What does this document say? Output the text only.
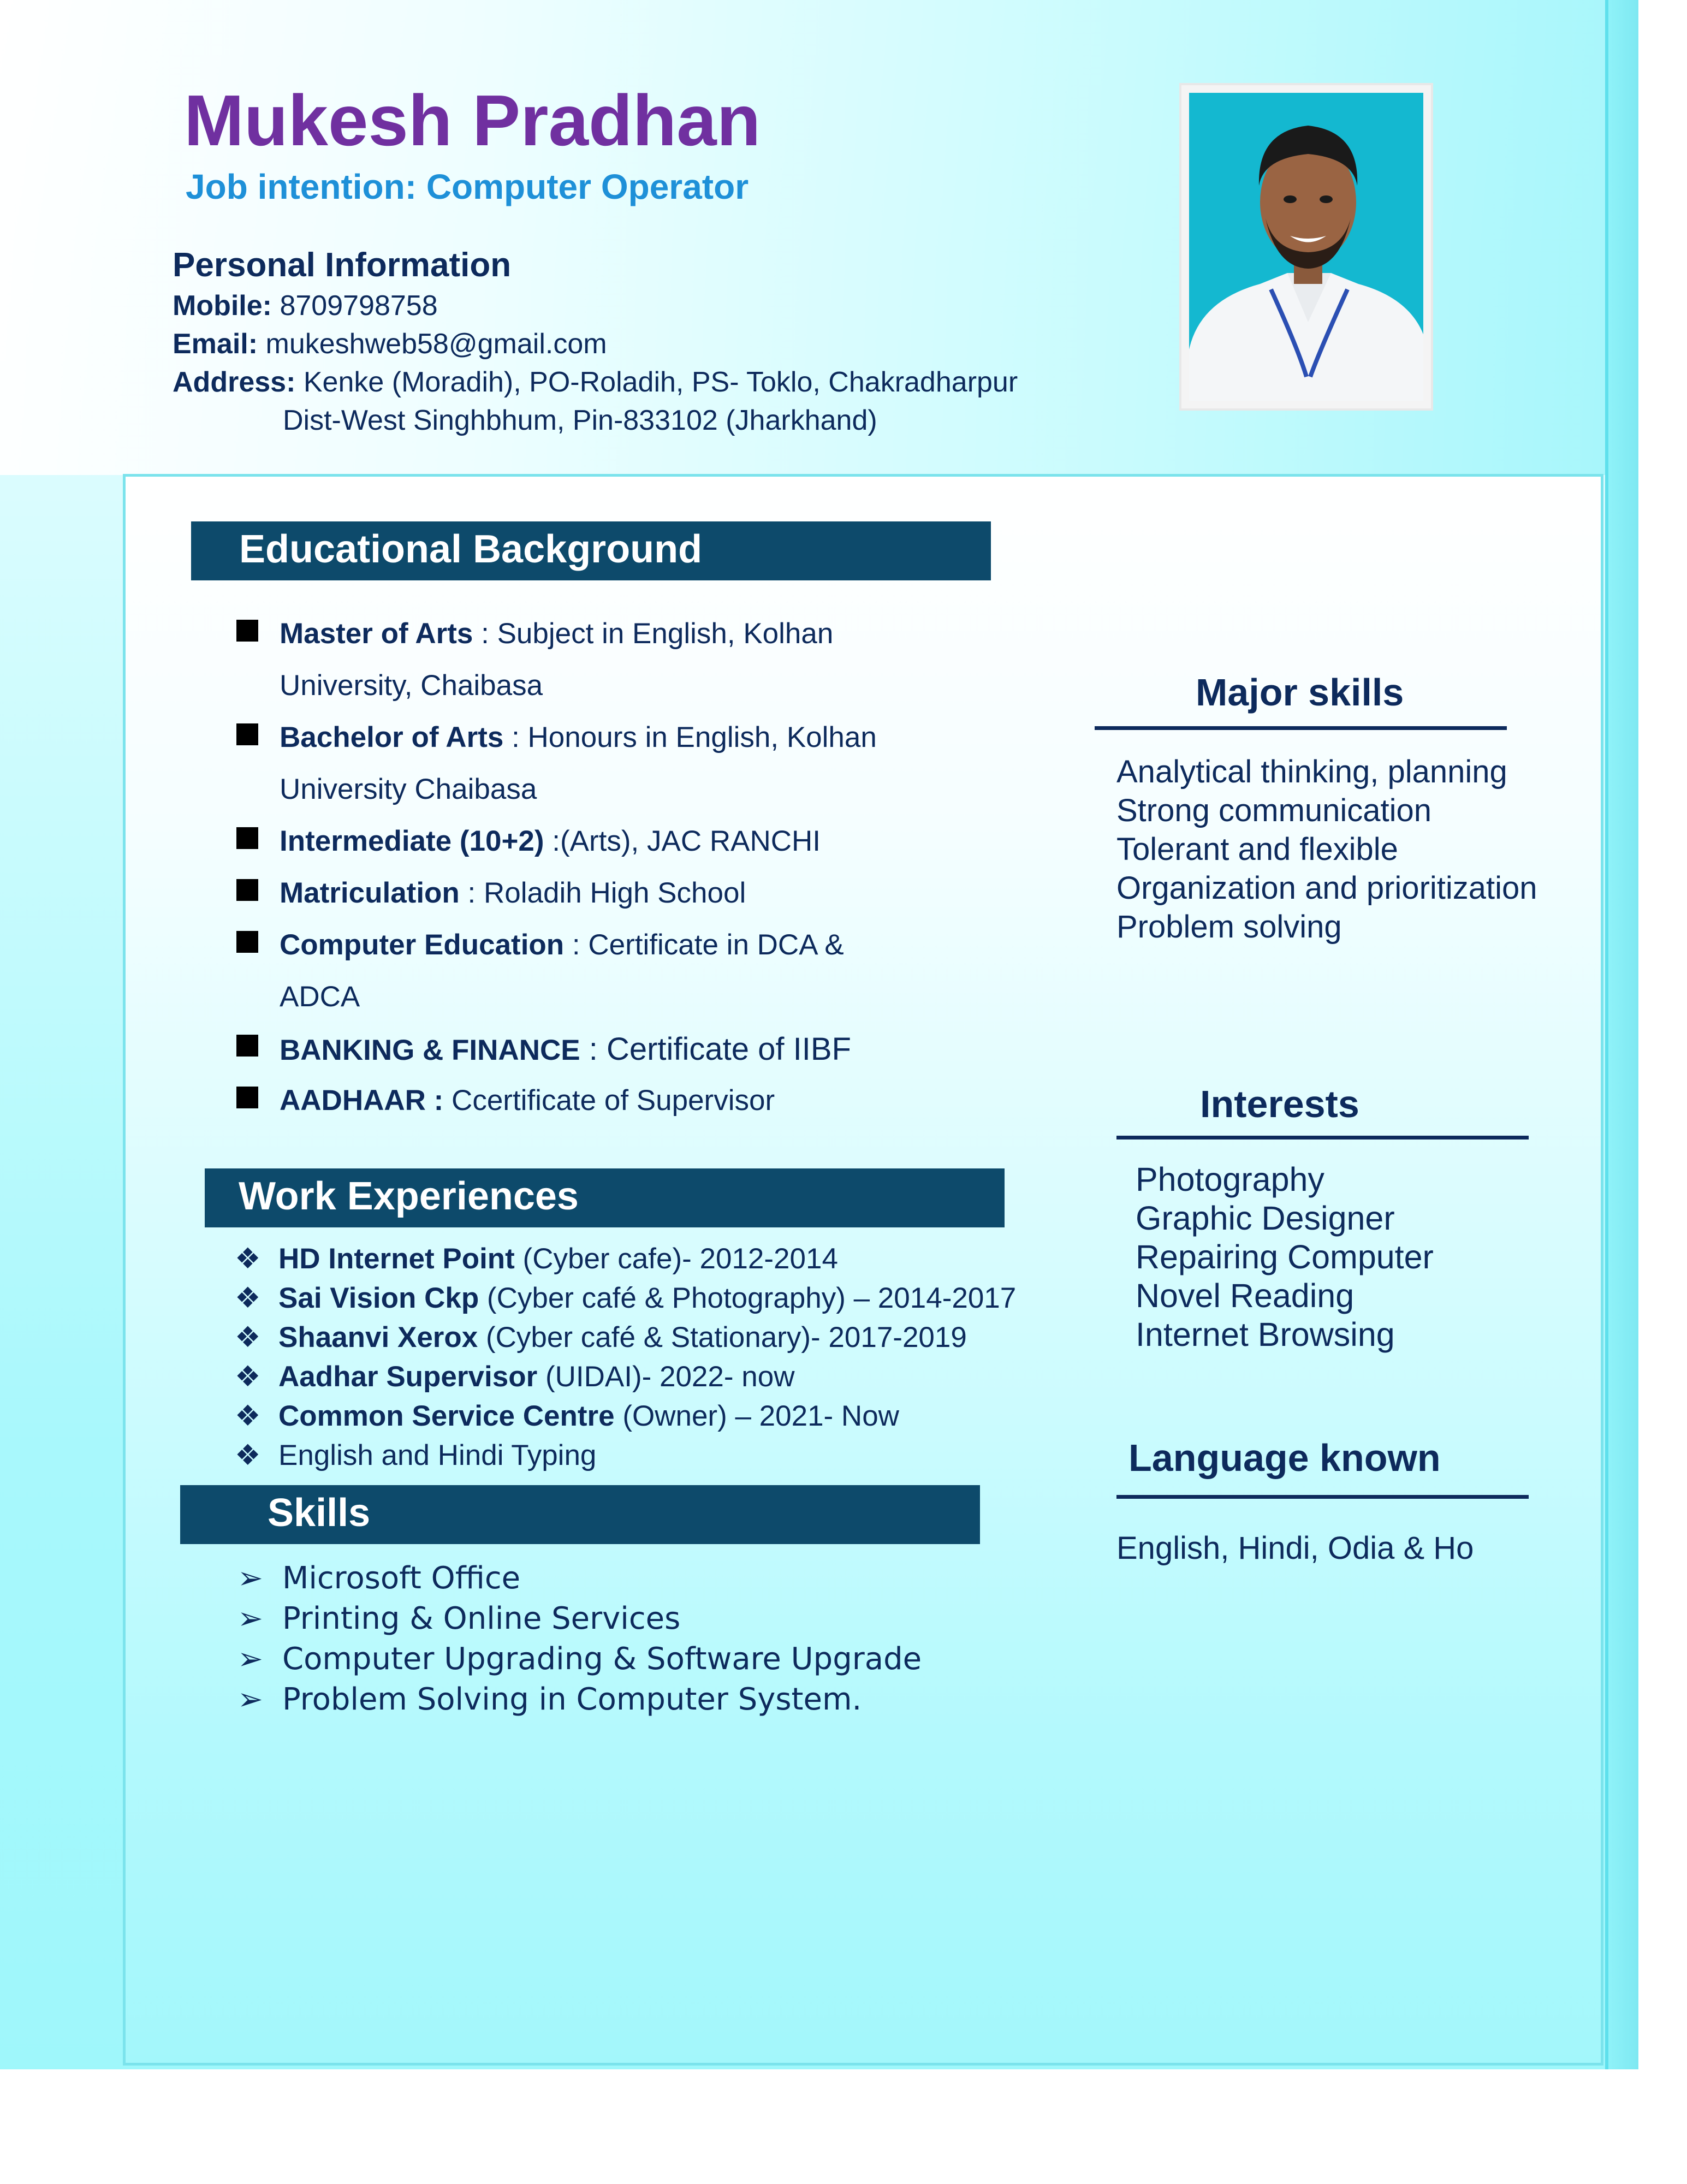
Mukesh Pradhan
Job intention: Computer Operator
Personal Information
Mobile: 8709798758
Email: mukeshweb58@gmail.com
Address: Kenke (Moradih), PO-Roladih, PS- Toklo, Chakradharpur
Dist-West Singhbhum, Pin-833102 (Jharkhand)
Educational Background
Master of Arts : Subject in English, Kolhan
University, Chaibasa
Bachelor of Arts : Honours in English, Kolhan
University Chaibasa
Intermediate (10+2) :(Arts), JAC RANCHI
Matriculation : Roladih High School
Computer Education : Certificate in DCA &
ADCA
BANKING & FINANCE : Certificate of IIBF
AADHAAR : Ccertificate of Supervisor
Work Experiences
❖ HD Internet Point (Cyber cafe)- 2012-2014
❖ Sai Vision Ckp (Cyber café & Photography) – 2014-2017
❖ Shaanvi Xerox (Cyber café & Stationary)- 2017-2019
❖ Aadhar Supervisor (UIDAI)- 2022- now
❖ Common Service Centre (Owner) – 2021- Now
❖ English and Hindi Typing
Skills
➢ Microsoft Office
➢ Printing & Online Services
➢ Computer Upgrading & Software Upgrade
➢ Problem Solving in Computer System.
Major skills
Analytical thinking, planning
Strong communication
Tolerant and flexible
Organization and prioritization
Problem solving
Interests
Photography
Graphic Designer
Repairing Computer
Novel Reading
Internet Browsing
Language known
English, Hindi, Odia & Ho
